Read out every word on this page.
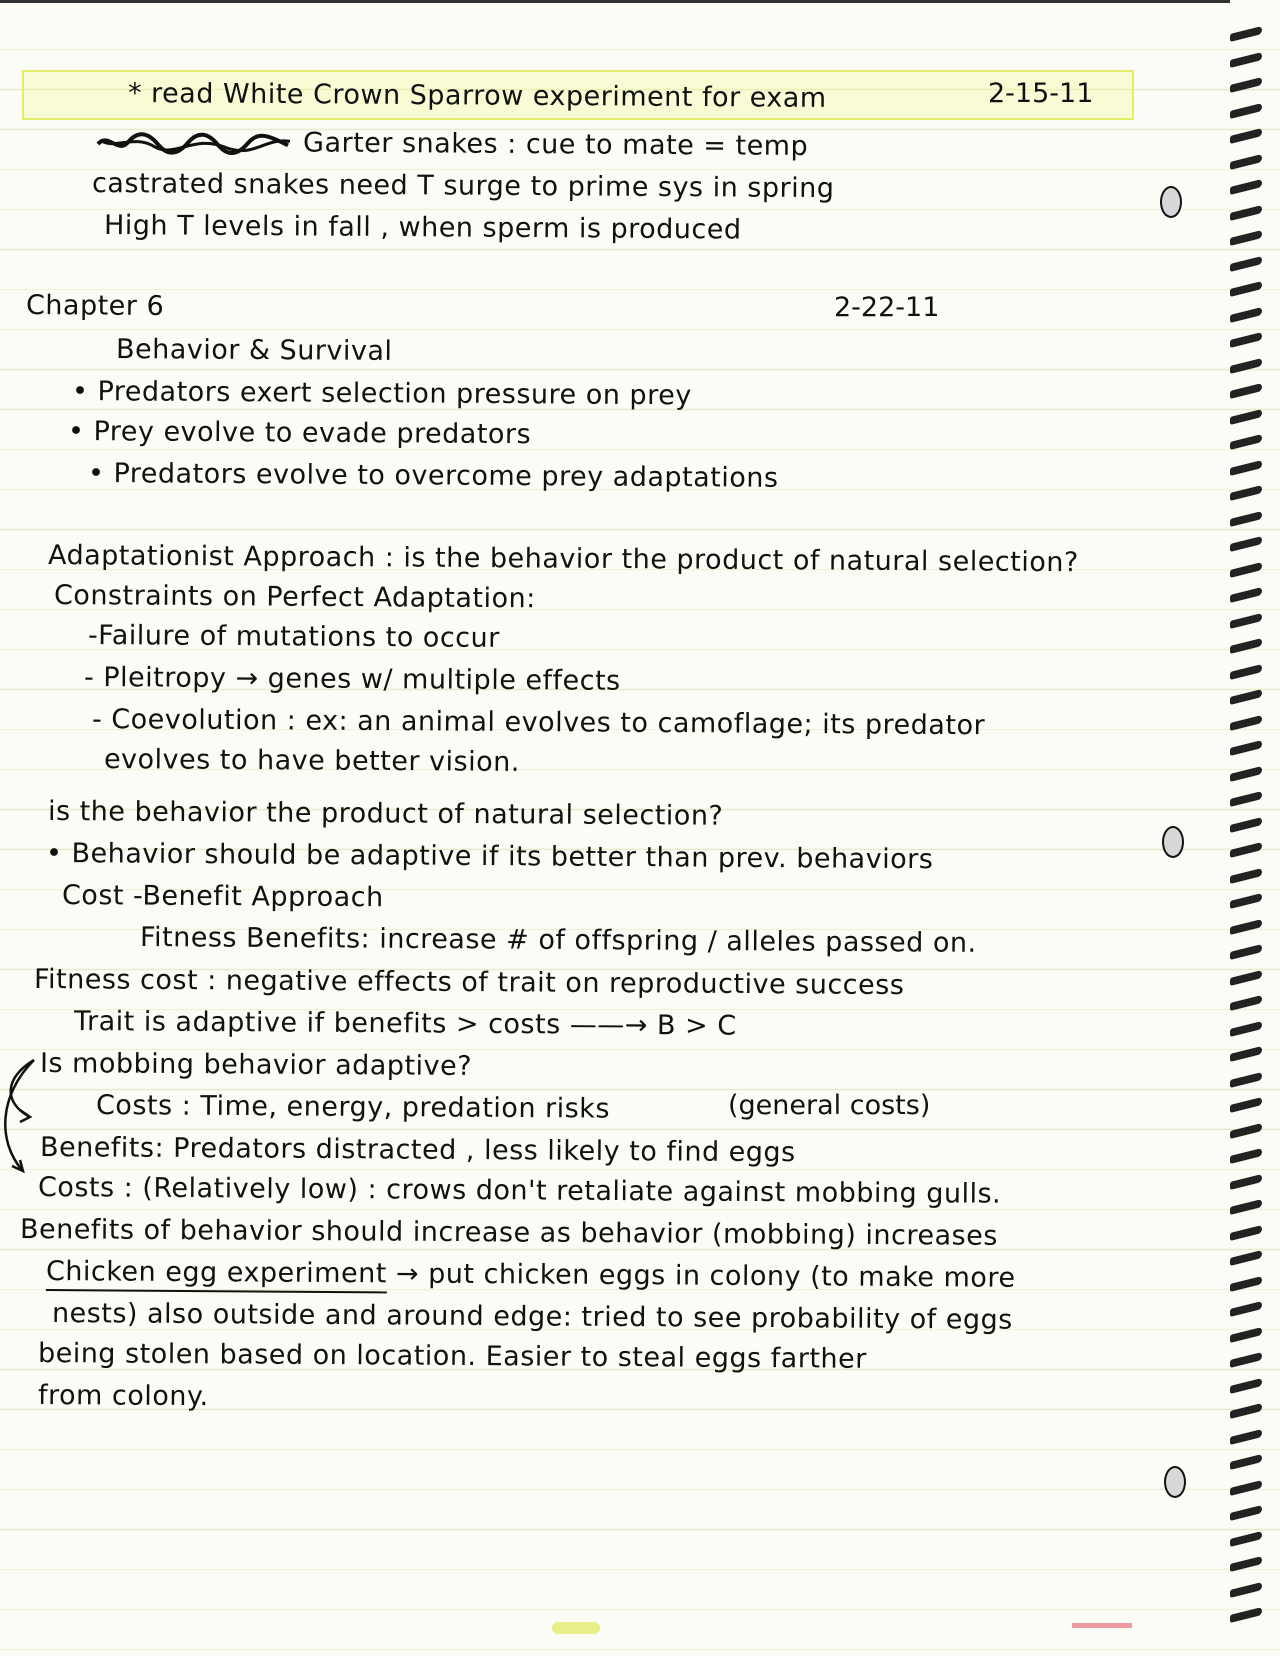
* read White Crown Sparrow experiment for exam	2-15-11
Garter snakes : cue to mate = temp
castrated snakes need T surge to prime sys in spring
High T levels in fall , when sperm is produced
Chapter 6	2-22-11
Behavior & Survival
• Predators exert selection pressure on prey
• Prey evolve to evade predators
• Predators evolve to overcome prey adaptations
Adaptationist Approach : is the behavior the product of natural selection?
Constraints on Perfect Adaptation:
-Failure of mutations to occur
- Pleitropy → genes w/ multiple effects
- Coevolution : ex: an animal evolves to camoflage; its predator
evolves to have better vision.
is the behavior the product of natural selection?
• Behavior should be adaptive if its better than prev. behaviors
Cost -Benefit Approach
Fitness Benefits: increase # of offspring / alleles passed on.
Fitness cost : negative effects of trait on reproductive success
Trait is adaptive if benefits > costs ——→ B > C
Is mobbing behavior adaptive?
Costs : Time, energy, predation risks	(general costs)
Benefits: Predators distracted , less likely to find eggs
Costs : (Relatively low) : crows don't retaliate against mobbing gulls.
Benefits of behavior should increase as behavior (mobbing) increases
Chicken egg experiment → put chicken eggs in colony (to make more
nests) also outside and around edge: tried to see probability of eggs
being stolen based on location. Easier to steal eggs farther
from colony.
